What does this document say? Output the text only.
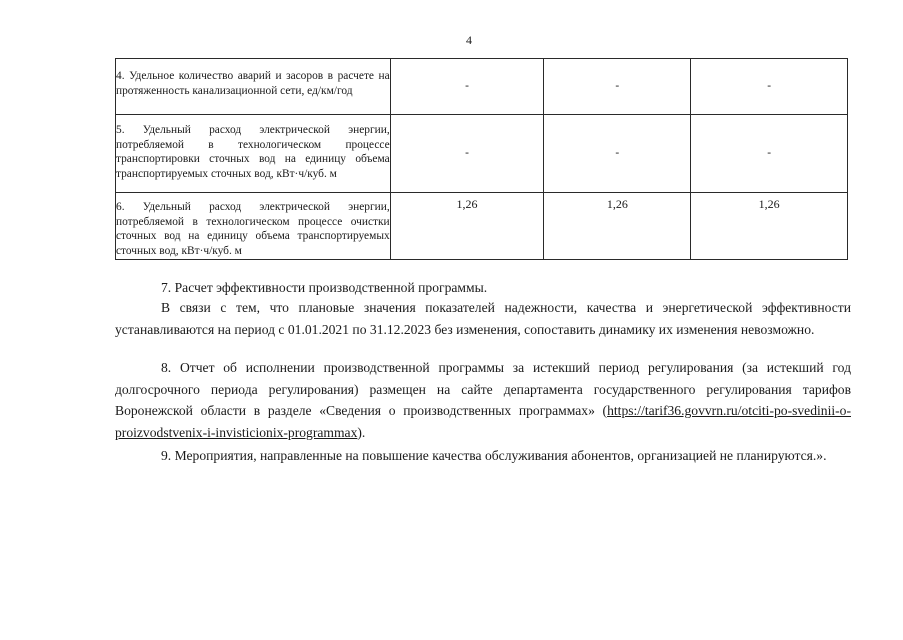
4
4. Удельное количество аварий и засоров в расчете на протяженность канализационной сети, ед/км/год	-	-	-
5. Удельный расход электрической энергии, потребляемой в технологическом процессе транспортировки сточных вод на единицу объема транспортируемых сточных вод, кВт·ч/куб. м	-	-	-
6. Удельный расход электрической энергии, потребляемой в технологическом процессе очистки сточных вод на единицу объема транспортируемых сточных вод, кВт·ч/куб. м	1,26	1,26	1,26

7. Расчет эффективности производственной программы.

В связи с тем, что плановые значения показателей надежности, качества и энергетической эффективности устанавливаются на период с 01.01.2021 по 31.12.2023 без изменения, сопоставить динамику их изменения невозможно.

8. Отчет об исполнении производственной программы за истекший период регулирования (за истекший год долгосрочного периода регулирования) размещен на сайте департамента государственного регулирования тарифов Воронежской области в разделе «Сведения о производственных программах» (https://tarif36.govvrn.ru/otciti-po-svedinii-o-proizvodstvenix-i-invisticionix-programmax).

9. Мероприятия, направленные на повышение качества обслуживания абонентов, организацией не планируются.».
